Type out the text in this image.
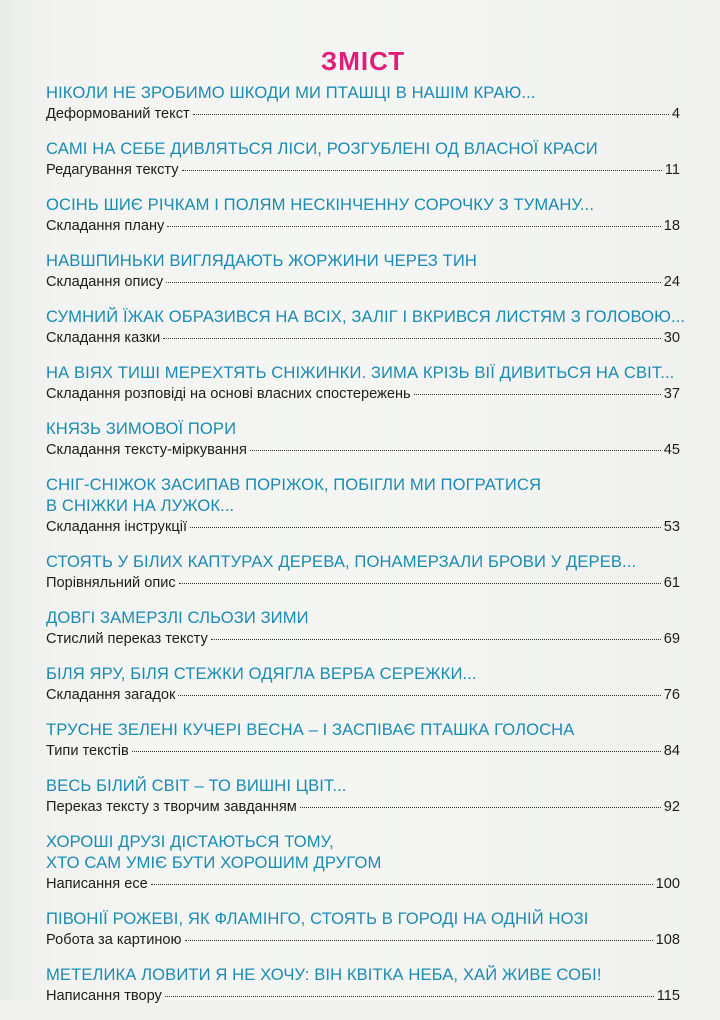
ЗМІСТ
НІКОЛИ НЕ ЗРОБИМО ШКОДИ МИ ПТАШЦІ В НАШІМ КРАЮ...
Деформований текст	4
САМІ НА СЕБЕ ДИВЛЯТЬСЯ ЛІСИ, РОЗГУБЛЕНІ ОД ВЛАСНОЇ КРАСИ
Редагування тексту	11
ОСІНЬ ШИЄ РІЧКАМ І ПОЛЯМ НЕСКІНЧЕННУ СОРОЧКУ З ТУМАНУ...
Складання плану	18
НАВШПИНЬКИ ВИГЛЯДАЮТЬ ЖОРЖИНИ ЧЕРЕЗ ТИН
Складання опису	24
СУМНИЙ ЇЖАК ОБРАЗИВСЯ НА ВСІХ, ЗАЛІГ І ВКРИВСЯ ЛИСТЯМ З ГОЛОВОЮ...
Складання казки	30
НА ВІЯХ ТИШІ МЕРЕХТЯТЬ СНІЖИНКИ. ЗИМА КРІЗЬ ВІЇ ДИВИТЬСЯ НА СВІТ...
Складання розповіді на основі власних спостережень	37
КНЯЗЬ ЗИМОВОЇ ПОРИ
Складання тексту-міркування	45
СНІГ-СНІЖОК ЗАСИПАВ ПОРІЖОК, ПОБІГЛИ МИ ПОГРАТИСЯ
В СНІЖКИ НА ЛУЖОК...
Складання інструкції	53
СТОЯТЬ У БІЛИХ КАПТУРАХ ДЕРЕВА, ПОНАМЕРЗАЛИ БРОВИ У ДЕРЕВ...
Порівняльний опис	61
ДОВГІ ЗАМЕРЗЛІ СЛЬОЗИ ЗИМИ
Стислий переказ тексту	69
БІЛЯ ЯРУ, БІЛЯ СТЕЖКИ ОДЯГЛА ВЕРБА СЕРЕЖКИ...
Складання загадок	76
ТРУСНЕ ЗЕЛЕНІ КУЧЕРІ ВЕСНА – І ЗАСПІВАЄ ПТАШКА ГОЛОСНА
Типи текстів	84
ВЕСЬ БІЛИЙ СВІТ – ТО ВИШНІ ЦВІТ...
Переказ тексту з творчим завданням	92
ХОРОШІ ДРУЗІ ДІСТАЮТЬСЯ ТОМУ,
ХТО САМ УМІЄ БУТИ ХОРОШИМ ДРУГОМ
Написання есе	100
ПІВОНІЇ РОЖЕВІ, ЯК ФЛАМІНГО, СТОЯТЬ В ГОРОДІ НА ОДНІЙ НОЗІ
Робота за картиною	108
МЕТЕЛИКА ЛОВИТИ Я НЕ ХОЧУ: ВІН КВІТКА НЕБА, ХАЙ ЖИВЕ СОБІ!
Написання твору	115
